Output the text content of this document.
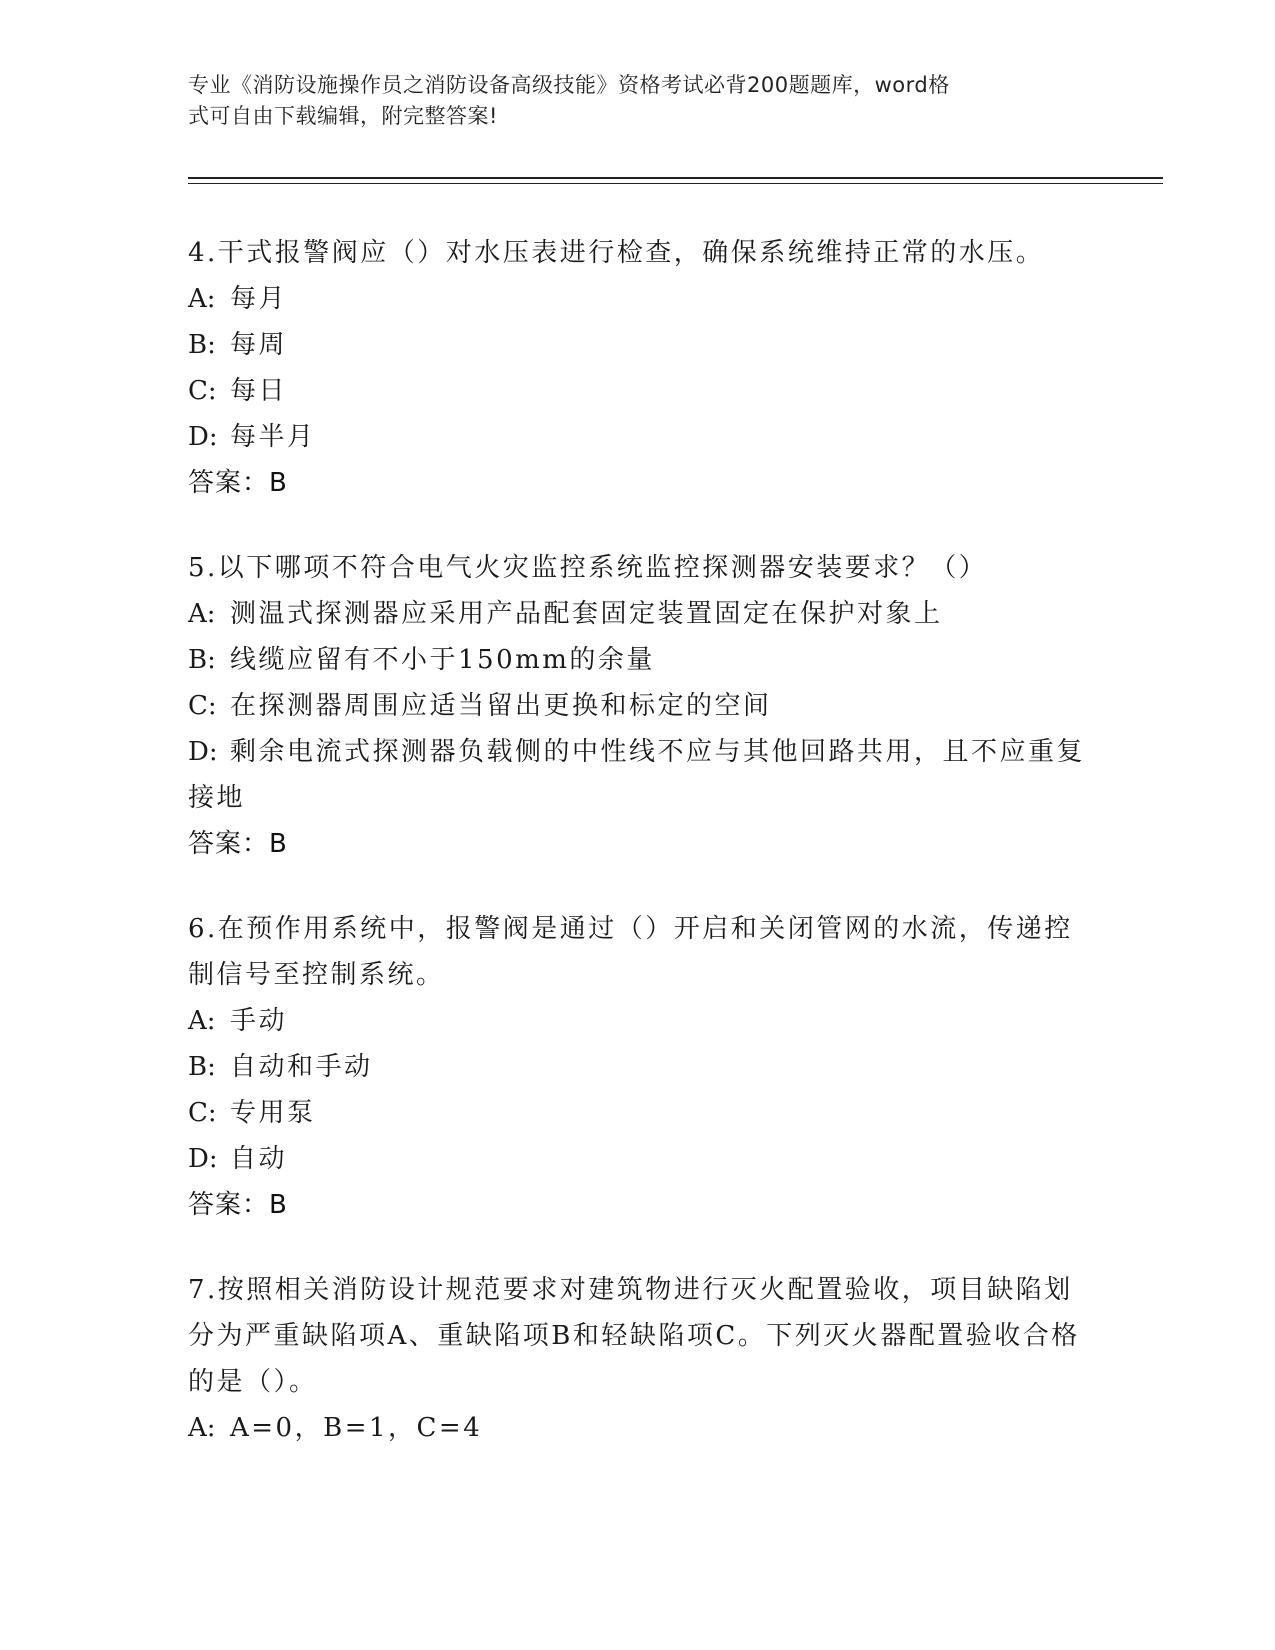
专业《消防设施操作员之消防设备高级技能》资格考试必背200题题库，word格
式可自由下载编辑，附完整答案!
4.干式报警阀应（）对水压表进行检查，确保系统维持正常的水压。
A: 每月
B: 每周
C: 每日
D: 每半月
答案：B
5.以下哪项不符合电气火灾监控系统监控探测器安装要求？（）
A: 测温式探测器应采用产品配套固定装置固定在保护对象上
B: 线缆应留有不小于150mm的余量
C: 在探测器周围应适当留出更换和标定的空间
D: 剩余电流式探测器负载侧的中性线不应与其他回路共用，且不应重复接地
答案：B
6.在预作用系统中，报警阀是通过（）开启和关闭管网的水流，传递控制信号至控制系统。
A: 手动
B: 自动和手动
C: 专用泵
D: 自动
答案：B
7.按照相关消防设计规范要求对建筑物进行灭火配置验收，项目缺陷划分为严重缺陷项A、重缺陷项B和轻缺陷项C。下列灭火器配置验收合格的是（）。
A: A=0，B=1，C=4
